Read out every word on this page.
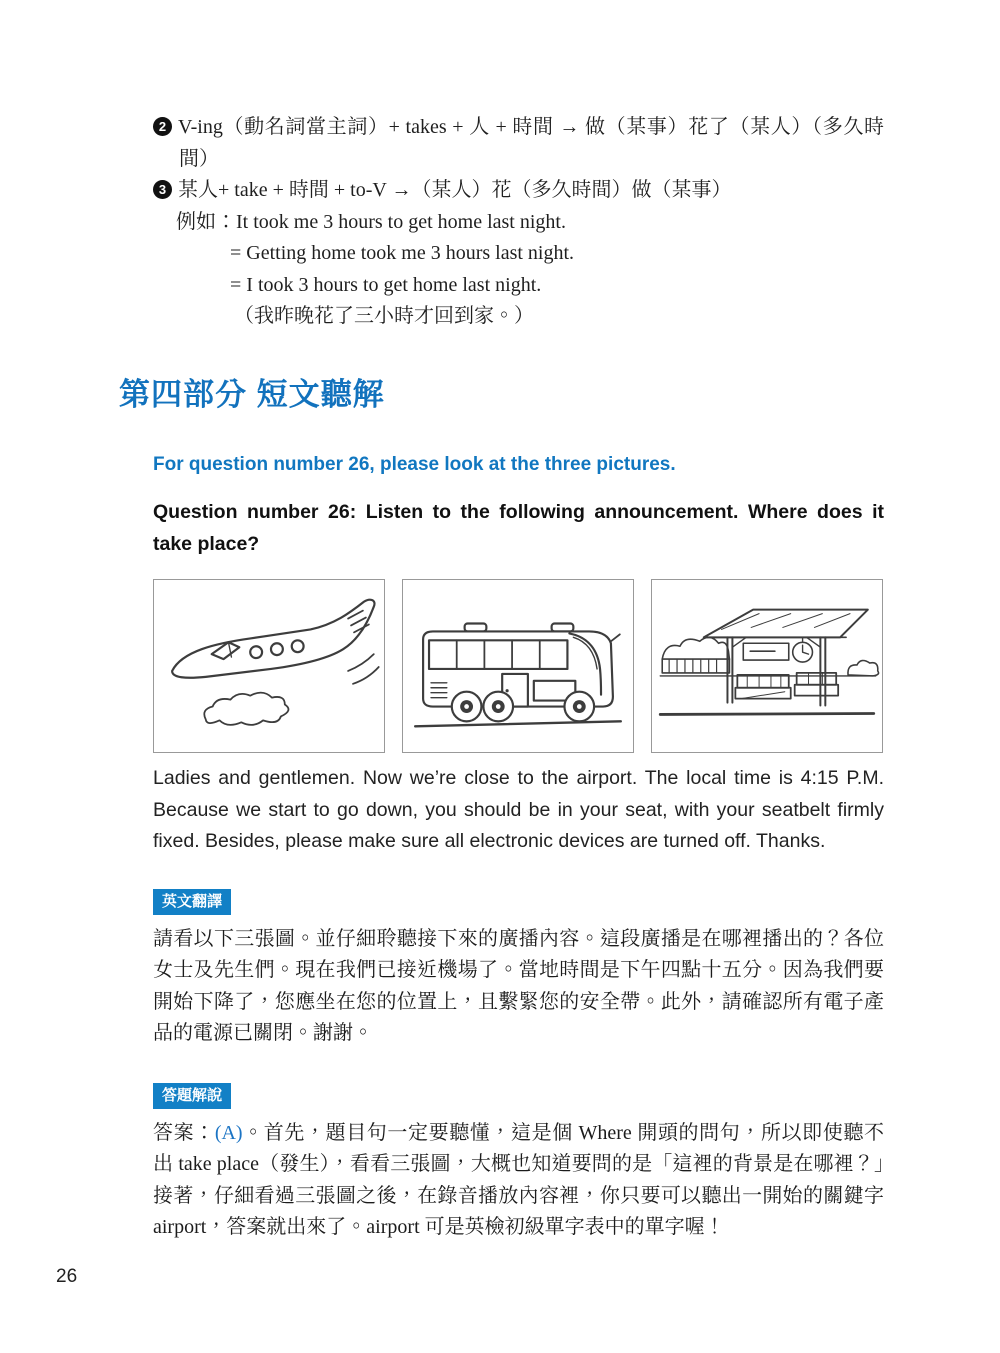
2 V-ing（動名詞當主詞）+ takes + 人 + 時間 → 做（某事）花了（某人）（多久時間）
3 某人+ take + 時間 + to-V →（某人）花（多久時間）做（某事）
例如：It took me 3 hours to get home last night.
= Getting home took me 3 hours last night.
= I took 3 hours to get home last night.
（我昨晚花了三小時才回到家。）
第四部分 短文聽解

For question number 26, please look at the three pictures.

Question number 26: Listen to the following announcement. Where does it take place?

Ladies and gentlemen. Now we’re close to the airport. The local time is 4:15 P.M. Because we start to go down, you should be in your seat, with your seatbelt firmly fixed. Besides, please make sure all electronic devices are turned off. Thanks.

英文翻譯

請看以下三張圖。並仔細聆聽接下來的廣播內容。這段廣播是在哪裡播出的？各位女士及先生們。現在我們已接近機場了。當地時間是下午四點十五分。因為我們要開始下降了，您應坐在您的位置上，且繫緊您的安全帶。此外，請確認所有電子產品的電源已關閉。謝謝。

答題解說

答案：(A)。首先，題目句一定要聽懂，這是個 Where 開頭的問句，所以即使聽不出 take place（發生），看看三張圖，大概也知道要問的是「這裡的背景是在哪裡？」接著，仔細看過三張圖之後，在錄音播放內容裡，你只要可以聽出一開始的關鍵字 airport，答案就出來了。airport 可是英檢初級單字表中的單字喔！

26
